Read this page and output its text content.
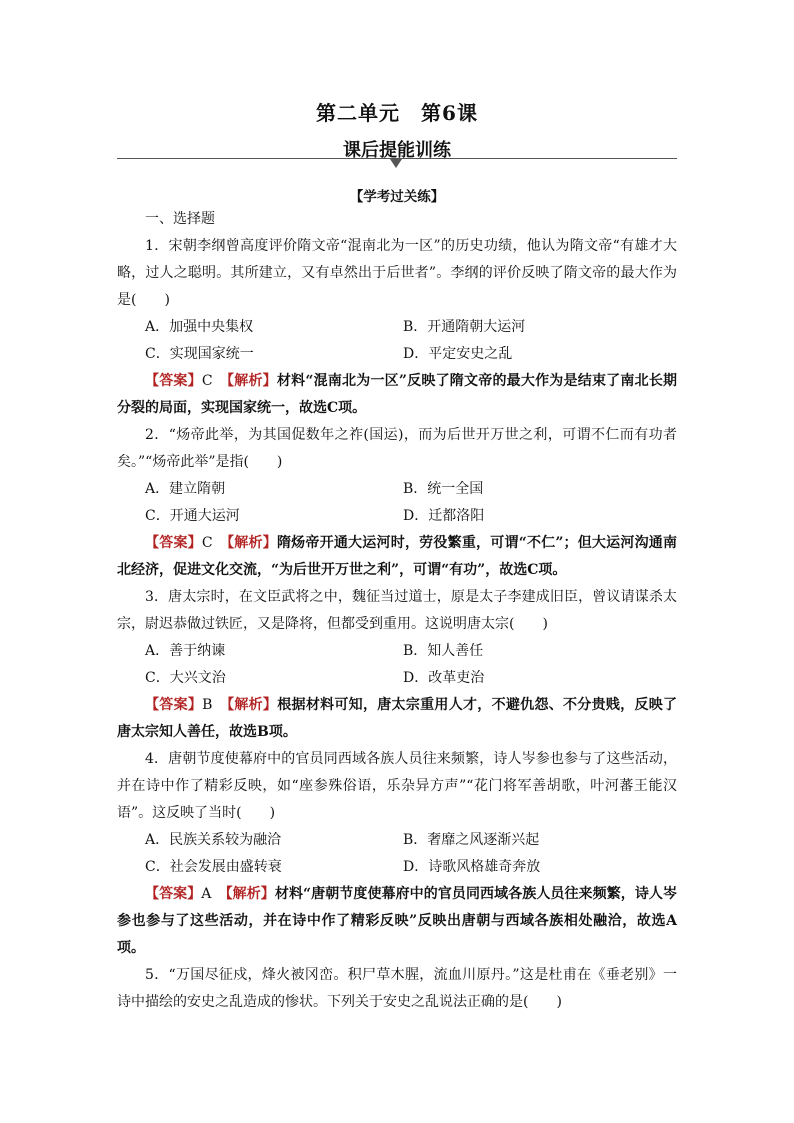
第二单元　第6课
课后提能训练
【学考过关练】
一、选择题
1．宋朝李纲曾高度评价隋文帝“混南北为一区”的历史功绩，他认为隋文帝“有雄才大略，过人之聪明。其所建立，又有卓然出于后世者”。李纲的评价反映了隋文帝的最大作为是(　　)
A．加强中央集权	B．开通隋朝大运河
C．实现国家统一	D．平定安史之乱
【答案】C　 【解析】材料“混南北为一区”反映了隋文帝的最大作为是结束了南北长期分裂的局面，实现国家统一，故选C项。
2．“炀帝此举，为其国促数年之祚(国运)，而为后世开万世之利，可谓不仁而有功者矣。”“炀帝此举”是指(　　)
A．建立隋朝	B．统一全国
C．开通大运河	D．迁都洛阳
【答案】C　 【解析】隋炀帝开通大运河时，劳役繁重，可谓“不仁”；但大运河沟通南北经济，促进文化交流，“为后世开万世之利”，可谓“有功”，故选C项。
3．唐太宗时，在文臣武将之中，魏征当过道士，原是太子李建成旧臣，曾议请谋杀太宗，尉迟恭做过铁匠，又是降将，但都受到重用。这说明唐太宗(　　)
A．善于纳谏	B．知人善任
C．大兴文治	D．改革吏治
【答案】B　 【解析】根据材料可知，唐太宗重用人才，不避仇怨、不分贵贱，反映了唐太宗知人善任，故选B项。
4．唐朝节度使幕府中的官员同西域各族人员往来频繁，诗人岑参也参与了这些活动，并在诗中作了精彩反映，如“座参殊俗语，乐杂异方声”“花门将军善胡歌，叶河蕃王能汉语”。这反映了当时(　　)
A．民族关系较为融洽	B．奢靡之风逐渐兴起
C．社会发展由盛转衰	D．诗歌风格雄奇奔放
【答案】A　 【解析】材料“唐朝节度使幕府中的官员同西域各族人员往来频繁，诗人岑参也参与了这些活动，并在诗中作了精彩反映”反映出唐朝与西域各族相处融洽，故选A项。
5．“万国尽征戍，烽火被冈峦。积尸草木腥，流血川原丹。”这是杜甫在《垂老别》一诗中描绘的安史之乱造成的惨状。下列关于安史之乱说法正确的是(　　)
